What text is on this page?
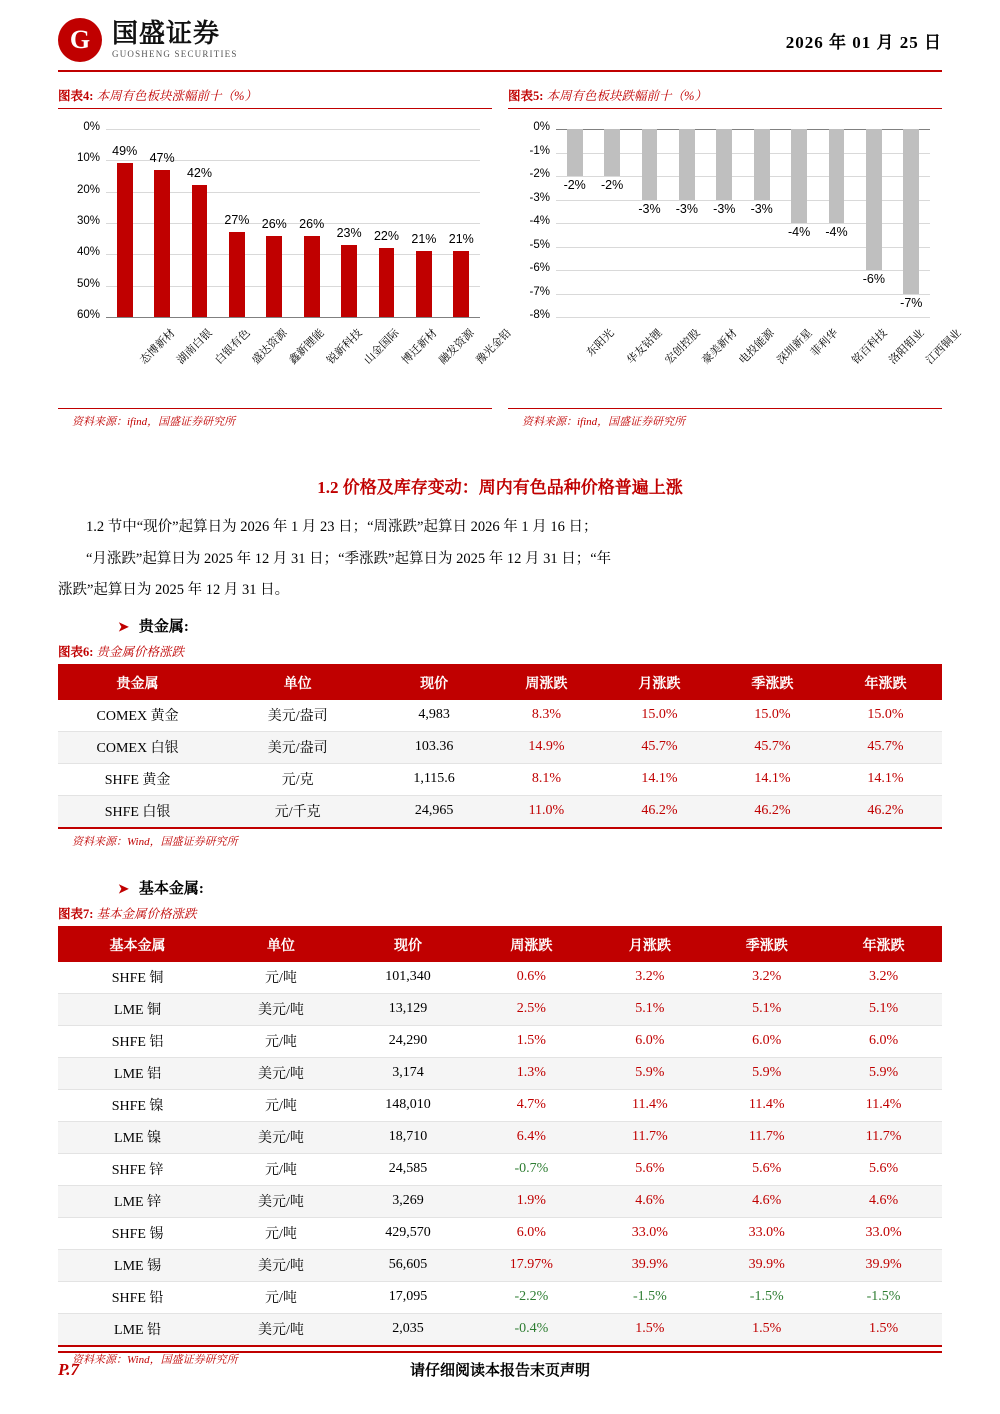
G 国盛证券
GUOSHENG SECURITIES
2026 年 01 月 25 日
图表4: 本周有色板块涨幅前十（%）
0%
10%
20%
30%
40%
50%
60%
49%
态博新材
47%
湖南白银
42%
白银有色
27%
盛达资源
26%
鑫新锂能
26%
锐新科技
23%
山金国际
22%
博迁新材
21%
融发资源
21%
豫光金铅
资料来源：ifind，国盛证券研究所
图表5: 本周有色板块跌幅前十（%）
0%
-1%
-2%
-3%
-4%
-5%
-6%
-7%
-8%
-2%
东阳光
-2%
华友钴锂
-3%
宏创控股
-3%
豪美新材
-3%
电投能源
-3%
深圳新星
-4%
菲利华
-4%
铭百科技
-6%
洛阳钼业
-7%
江西铜业
资料来源：ifind，国盛证券研究所
1.2 价格及库存变动：周内有色品种价格普遍上涨

1.2 节中“现价”起算日为 2026 年 1 月 23 日；“周涨跌”起算日 2026 年 1 月 16 日；

“月涨跌”起算日为 2025 年 12 月 31 日；“季涨跌”起算日为 2025 年 12 月 31 日；“年

涨跌”起算日为 2025 年 12 月 31 日。

➤ 贵金属:
图表6: 贵金属价格涨跌
贵金属	单位	现价	周涨跌	月涨跌	季涨跌	年涨跌
COMEX 黄金	美元/盎司	4,983	8.3%	15.0%	15.0%	15.0%
COMEX 白银	美元/盎司	103.36	14.9%	45.7%	45.7%	45.7%
SHFE 黄金	元/克	1,115.6	8.1%	14.1%	14.1%	14.1%
SHFE 白银	元/千克	24,965	11.0%	46.2%	46.2%	46.2%
资料来源：Wind，国盛证券研究所
➤ 基本金属:
图表7: 基本金属价格涨跌
基本金属	单位	现价	周涨跌	月涨跌	季涨跌	年涨跌
SHFE 铜	元/吨	101,340	0.6%	3.2%	3.2%	3.2%
LME 铜	美元/吨	13,129	2.5%	5.1%	5.1%	5.1%
SHFE 铝	元/吨	24,290	1.5%	6.0%	6.0%	6.0%
LME 铝	美元/吨	3,174	1.3%	5.9%	5.9%	5.9%
SHFE 镍	元/吨	148,010	4.7%	11.4%	11.4%	11.4%
LME 镍	美元/吨	18,710	6.4%	11.7%	11.7%	11.7%
SHFE 锌	元/吨	24,585	-0.7%	5.6%	5.6%	5.6%
LME 锌	美元/吨	3,269	1.9%	4.6%	4.6%	4.6%
SHFE 锡	元/吨	429,570	6.0%	33.0%	33.0%	33.0%
LME 锡	美元/吨	56,605	17.97%	39.9%	39.9%	39.9%
SHFE 铅	元/吨	17,095	-2.2%	-1.5%	-1.5%	-1.5%
LME 铅	美元/吨	2,035	-0.4%	1.5%	1.5%	1.5%
资料来源：Wind，国盛证券研究所
P.7	请仔细阅读本报告末页声明
